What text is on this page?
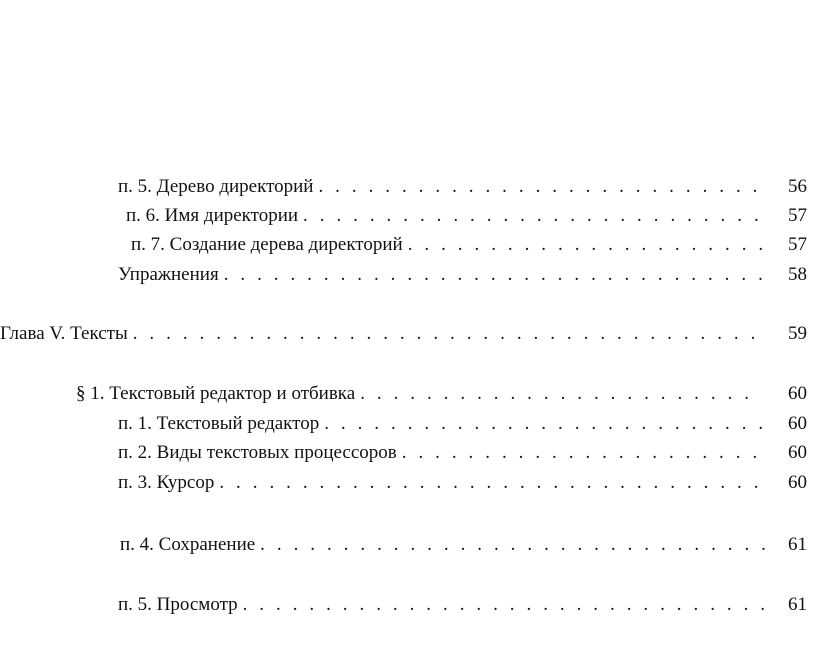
п. 5. Дерево директорий . . .	56
п. 6. Имя директории . . .	57
п. 7. Создание дерева директорий . . .	57
Упражнения . . .	58
Глава V. Тексты . . .	59
§ 1. Текстовый редактор и отбивка . . .	60
п. 1. Текстовый редактор . . .	60
п. 2. Виды текстовых процессоров . . .	60
п. 3. Курсор . . .	60
п. 4. Сохранение . . .	61
п. 5. Просмотр . . .	61
